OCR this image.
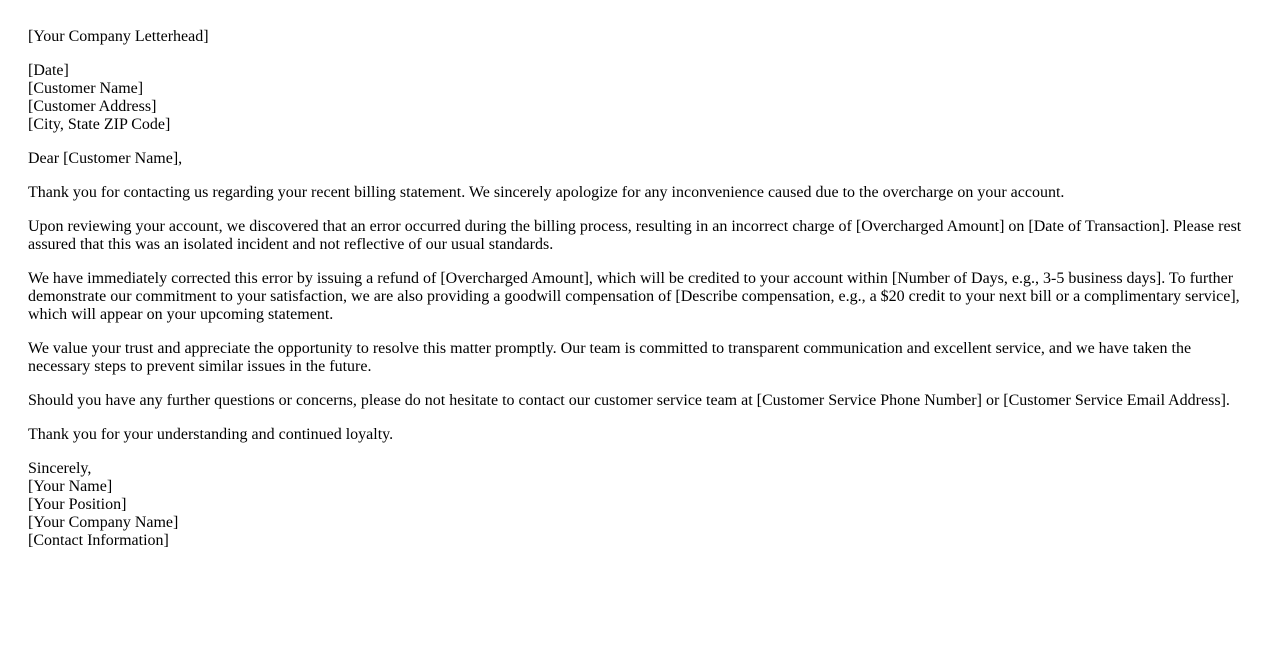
[Your Company Letterhead]
[Date]
[Customer Name]
[Customer Address]
[City, State ZIP Code]

Dear [Customer Name],

Thank you for contacting us regarding your recent billing statement. We sincerely apologize for any inconvenience caused due to the overcharge on your account.

Upon reviewing your account, we discovered that an error occurred during the billing process, resulting in an incorrect charge of [Overcharged Amount] on [Date of Transaction]. Please rest assured that this was an isolated incident and not reflective of our usual standards.

We have immediately corrected this error by issuing a refund of [Overcharged Amount], which will be credited to your account within [Number of Days, e.g., 3-5 business days]. To further demonstrate our commitment to your satisfaction, we are also providing a goodwill compensation of [Describe compensation, e.g., a $20 credit to your next bill or a complimentary service], which will appear on your upcoming statement.

We value your trust and appreciate the opportunity to resolve this matter promptly. Our team is committed to transparent communication and excellent service, and we have taken the necessary steps to prevent similar issues in the future.

Should you have any further questions or concerns, please do not hesitate to contact our customer service team at [Customer Service Phone Number] or [Customer Service Email Address].

Thank you for your understanding and continued loyalty.

Sincerely,
[Your Name]
[Your Position]
[Your Company Name]
[Contact Information]
